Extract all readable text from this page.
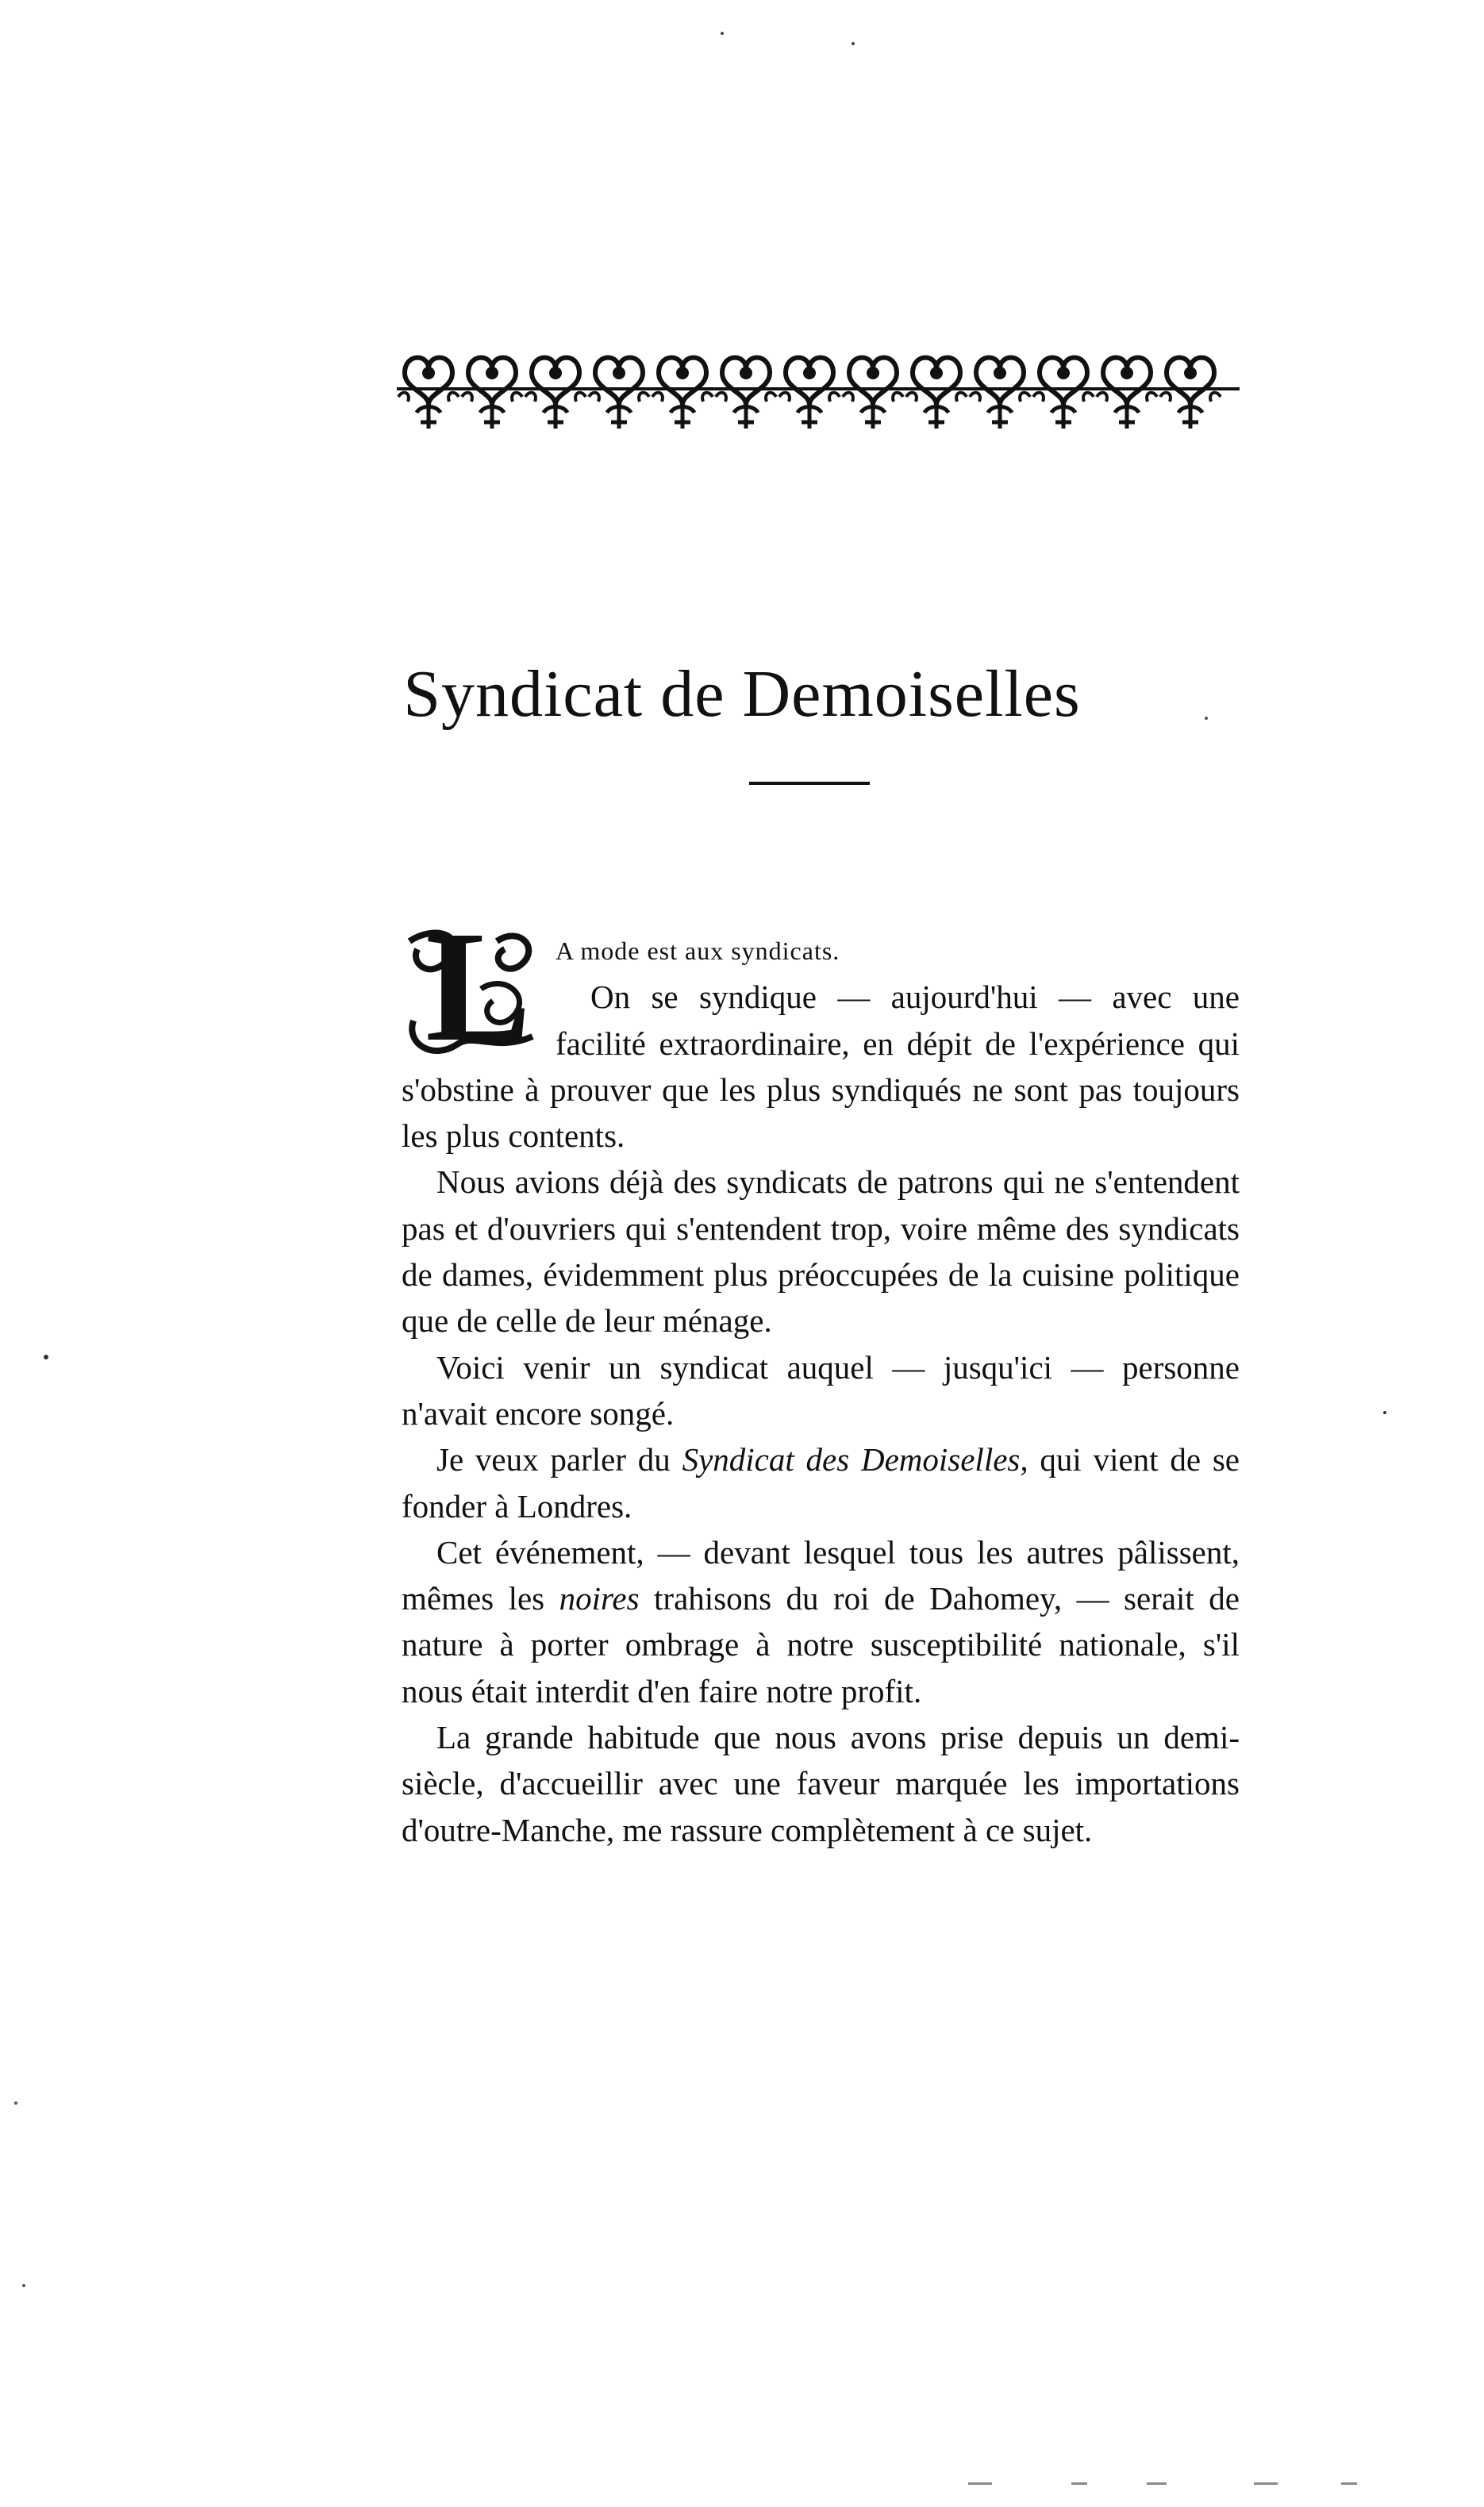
Syndicat de Demoiselles

L A mode est aux syndicats.
On se syndique — aujourd'hui — avec une facilité extraordinaire, en dépit de l'expérience qui s'obstine à prouver que les plus syndiqués ne sont pas toujours les plus contents.

Nous avions déjà des syndicats de patrons qui ne s'entendent pas et d'ouvriers qui s'entendent trop, voire même des syndicats de dames, évidemment plus préoccupées de la cuisine politique que de celle de leur ménage.

Voici venir un syndicat auquel — jusqu'ici — personne n'avait encore songé.

Je veux parler du Syndicat des Demoiselles, qui vient de se fonder à Londres.

Cet événement, — devant lesquel tous les autres pâlissent, mêmes les noires trahisons du roi de Dahomey, — serait de nature à porter ombrage à notre susceptibilité nationale, s'il nous était interdit d'en faire notre profit.

La grande habitude que nous avons prise depuis un demi-siècle, d'accueillir avec une faveur marquée les importations d'outre-Manche, me rassure complètement à ce sujet.
